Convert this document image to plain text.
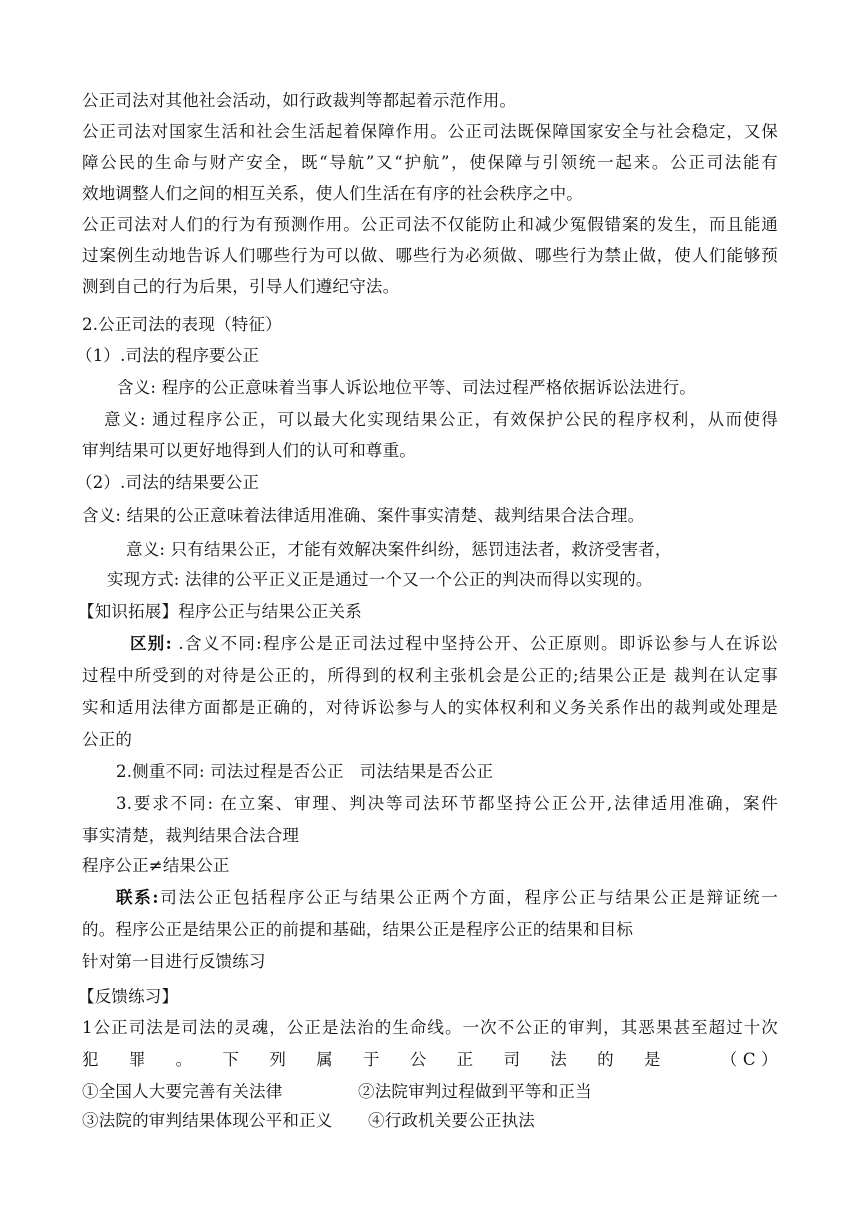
公正司法对其他社会活动，如行政裁判等都起着示范作用。
公正司法对国家生活和社会生活起着保障作用。公正司法既保障国家安全与社会稳定，又保
障公民的生命与财产安全，既“导航”又“护航”，使保障与引领统一起来。公正司法能有
效地调整人们之间的相互关系，使人们生活在有序的社会秩序之中。
公正司法对人们的行为有预测作用。公正司法不仅能防止和减少冤假错案的发生，而且能通
过案例生动地告诉人们哪些行为可以做、哪些行为必须做、哪些行为禁止做，使人们能够预
测到自己的行为后果，引导人们遵纪守法。
2.公正司法的表现（特征）
（1）.司法的程序要公正
含义: 程序的公正意味着当事人诉讼地位平等、司法过程严格依据诉讼法进行。
意义: 通过程序公正，可以最大化实现结果公正，有效保护公民的程序权利，从而使得
审判结果可以更好地得到人们的认可和尊重。
（2）.司法的结果要公正
含义: 结果的公正意味着法律适用准确、案件事实清楚、裁判结果合法合理。
意义: 只有结果公正，才能有效解决案件纠纷，惩罚违法者，救济受害者，
实现方式: 法律的公平正义正是通过一个又一个公正的判决而得以实现的。
【知识拓展】程序公正与结果公正关系
区别: .含义不同:程序公是正司法过程中坚持公开、公正原则。即诉讼参与人在诉讼
过程中所受到的对待是公正的，所得到的权利主张机会是公正的;结果公正是 裁判在认定事
实和适用法律方面都是正确的，对待诉讼参与人的实体权利和义务关系作出的裁判或处理是
公正的
2.侧重不同: 司法过程是否公正 司法结果是否公正
3.要求不同: 在立案、审理、判决等司法环节都坚持公正公开,法律适用准确，案件
事实清楚，裁判结果合法合理
程序公正≠结果公正
联系:司法公正包括程序公正与结果公正两个方面，程序公正与结果公正是辩证统一
的。程序公正是结果公正的前提和基础，结果公正是程序公正的结果和目标
针对第一目进行反馈练习
【反馈练习】
1公正司法是司法的灵魂，公正是法治的生命线。一次不公正的审判，其恶果甚至超过十次
犯 罪 。 下 列 属 于 公 正 司 法 的 是	（ C ）
①全国人大要完善有关法律	②法院审判过程做到平等和正当
③法院的审判结果体现公平和正义 ④行政机关要公正执法
